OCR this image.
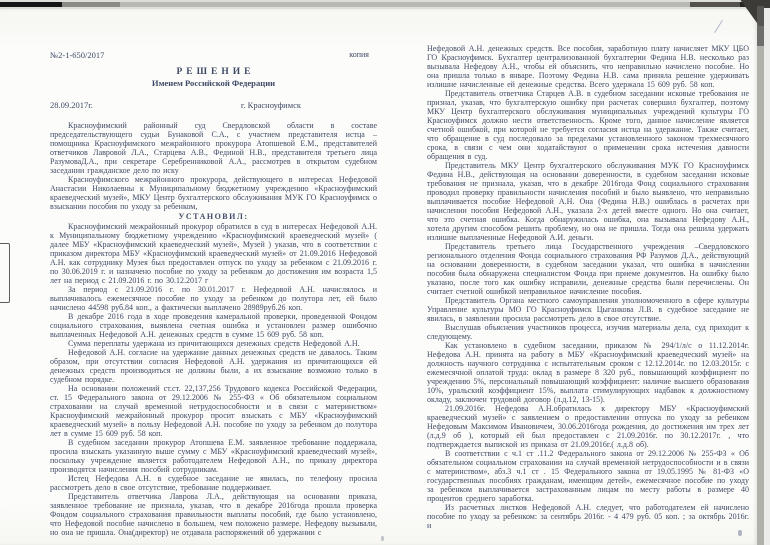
№2-1-650/2017	копия
РЕШЕНИЕ
Именем Российской Федерации
28.09.2017г.	г. Красноуфимск

Красноуфимский районный суд Свердловской области в составе председательствующего судьи Бунаковой С.А., с участием представителя истца – помощника Красноуфимского межрайонного прокурора Атопшевой Е.М., представителей ответчиков Лавровой Л.А., Старцева А.В., Фединой Н.В., представителя третьего лица РазумоваД.А., при секретаре Серебренниковой А.А., рассмотрев в открытом судебном заседании гражданское дело по иску

Красноуфимского межрайонного прокурора, действующего в интересах Нефедовой Анастасии Николаевны к Муниципальному бюджетному учреждению «Красноуфимский краеведческий музей», МКУ Центр бухгалтерского обслуживания МУК ГО Красноуфимск о взыскании пособия по уходу за ребенком,

УСТАНОВИЛ:

Красноуфимский межрайонный прокурор обратился в суд в интересах Нефедовой А.Н. к Муниципальному бюджетному учреждению «Красноуфимский краеведческий музей» ( далее МБУ «Красноуфимский краеведческий музей», Музей ) указав, что в соответствии с приказом директора МБУ «Красноуфимский краеведческий музей» от 21.09.2016 Нефедовой А.Н. как сотруднику Музея был предоставлен отпуск по уходу за ребенком с 21.09.2016 г. по 30.06.2019 г. и назначено пособие по уходу за ребенком до достижения им возраста 1,5 лет на период с 21.09.2016 г. по 30.12.2017 г

За период с 21.09.2016 г. по 30.01.2017 г. Нефедовой А.Н. начислялось и выплачивалось ежемесячное пособие по уходу за ребенком до полутора лет, ей было начислено 44598 руб.84 коп., а фактически выплачено 28989руб.26 коп.

В декабре 2016 года в ходе проведения камеральной проверки, проведенной Фондом социального страхования, выявлена счетная ошибка и установлен размер ошибочно выплаченных Нефедовой А.Н. денежных средств в сумме 15 609 руб. 58 коп.

Сумма переплаты удержана из причитающихся денежных средств Нефедовой А.Н.

Нефедовой А.Н. согласие на удержание данных денежных средств не давалось. Таким образом, при отсутствии согласия Нефедовой А.Н. удержания из причитающихся ей денежных средств производиться не должны были, а их взыскание возможно только в судебном порядке.

На основании положений ст.ст. 22,137,256 Трудового кодекса Российской Федерации, ст. 15 Федерального закона от 29.12.2006 № 255-ФЗ « Об обязательном социальном страховании на случай временной нетрудоспособности и в связи с материнством» Красноуфимский межрайонный прокурор просит взыскать с МБУ «Красноуфимский краеведческий музей» в пользу Нефедовой А.Н. пособие по уходу за ребенком до полутора лет в сумме 15 609 руб. 58 коп.

В судебном заседании прокурор Атопшева Е.М. заявленное требование поддержала, просила взыскать указанную выше сумму с МБУ «Красноуфимский краеведческий музей», поскольку учреждение является работодателем Нефедовой А.Н., по приказу директора производятся начисления пособий сотрудникам.

Истец Нефедова А.Н. в судебное заседание не явилась, по телефону просила рассмотреть дело в свое отсутствие, требование поддерживает.

Представитель ответчика Лаврова Л.А., действующая на основании приказа, заявленное требование не признала, указав, что в декабре 2016года прошла проверка Фондом социального страхования правильности выплаты пособий, где было установлено, что Нефедовой пособие начислено в большем, чем положено размере. Нефедову вызывали, но она не пришла. Она(директор) не отдавала распоряжений об удержании с

Нефедовой А.Н. денежных средств. Все пособия, заработную плату начисляет МКУ ЦБО ГО Красноуфимск. Бухгалтер централизованной бухгалтерии Федина Н.В. несколько раз вызывала Нефедову А.Н., чтобы ей объяснить, что неправильно начислено пособие. Но она пришла только в январе. Поэтому Федина Н.В. сама приняла решение удерживать излишне начисленные ей денежные средства. Всего удержала 15 609 руб. 58 коп.

Представитель ответчика Старцев А.В. в судебном заседании исковые требования не признал, указав, что бухгалтерскую ошибку при расчетах совершил бухгалтер, поэтому МКУ Центр бухгалтерского обслуживания муниципальных учреждений культуры ГО Красноуфимск должно нести ответственность. Кроме того, данное начисление является счетной ошибкой, при которой не требуется согласия истца на удержание. Также считает, что обращение в суд последовало за пределами установленного законом трехмесячного срока, в связи с чем они ходатайствуют о применении срока истечения давности обращения в суд.

Представитель МКУ Центр бухгалтерского обслуживания МУК ГО Красноуфимск Федина Н.В., действующая на основании доверенности, в судебном заседании исковые требования не признала, указав, что в декабре 2016года Фонд социального страхования проводил проверку правильности начисления пособий и было выявлено, что неправильно выплачивается пособие Нефедовой А.Н. Она (Федина Н.В.) ошиблась в расчетах при начислении пособия Нефедовой А.Н., указала 2-х детей вместе одного. Но она считает, что это счетная ошибка. Когда обнаружилась ошибка, она вызывала Нефедову А.Н., хотела другим способом решить проблему, но она не пришла. Тогда она решила удержать излишне выплаченные Нефедовой А.И. деньги.

Представитель третьего лица Государственного учреждения –Свердловского регионального отделения Фонда социального страхования РФ Разумов Д.А., действующий на основании доверенности, в судебном заседании указал, что ошибка в начислении пособия была обнаружена специалистом Фонда при приеме документов. На ошибку было указано, после того как ошибку исправили, денежные средства были перечислены. Он считает счетной ошибкой неправильное начисление пособия.

Представитель Органа местного самоуправления уполномоченного в сфере культуры Управление культуры МО ГО Красноуфимск Цыганкова Л.В. в судебное заседание не явилась, в заявлении просила рассмотреть дело в свое отсутствие.

Выслушав объяснения участников процесса, изучив материалы дела, суд приходит к следующему.

Как установлено в судебном заседании, приказом № 294/1/л/с о 11.12.2014г. Нефедова А.Н. принята на работу в МБУ «Красноуфимский краеведческий музей» на должность научного сотрудника с испытательным сроком с 12.12.2014г. по 12.03.2015г. с ежемесячной оплатой труда: оклад в размере 8 320 руб., повышающий коэффициент по учреждению 5%, персональный повышающий коэффициент: наличие высшего образования 10%, уральский коэффициент 15%, выплата стимулирующих надбавок к должностному окладу, заключен трудовой договор (л.д.12, 13-15).

21.09.2016г. Нефедова А.Н.обратилась к директору МБУ «Красноуфимский краеведческий музей» с заявлением о предоставлении отпуска по уходу за ребенком Нефедовым Максимом Ивановичем, 30.06.2016года рождения, до достижения им трех лет (л.д.9 об ), который ей был предоставлен с 21.09.2016г. по 30.12.2017г. , что подтверждается выпиской из приказа от 21.09.2016г.( л.д.8 об).

В соответствии с ч.1 ст .11.2 Федерального закона от 29.12.2006 № 255-ФЗ « Об обязательном социальном страховании на случай временной нетрудоспособности и в связи с материнством», абз.3 ч.1 ст . 15 Федерального закона от 19.05.1995 № 81-ФЗ «О государственных пособиях гражданам, имеющим детей», ежемесячное пособие по уходу за ребенком выплачивается застрахованным лицам по месту работы в размере 40 процентов среднего заработка.

Из расчетных листков Нефедовой А.Н. следует, что работодателем ей начислено пособие по уходу за ребенком: за сентябрь 2016г. - 4 479 руб. 05 коп. ; за октябрь 2016г. и
